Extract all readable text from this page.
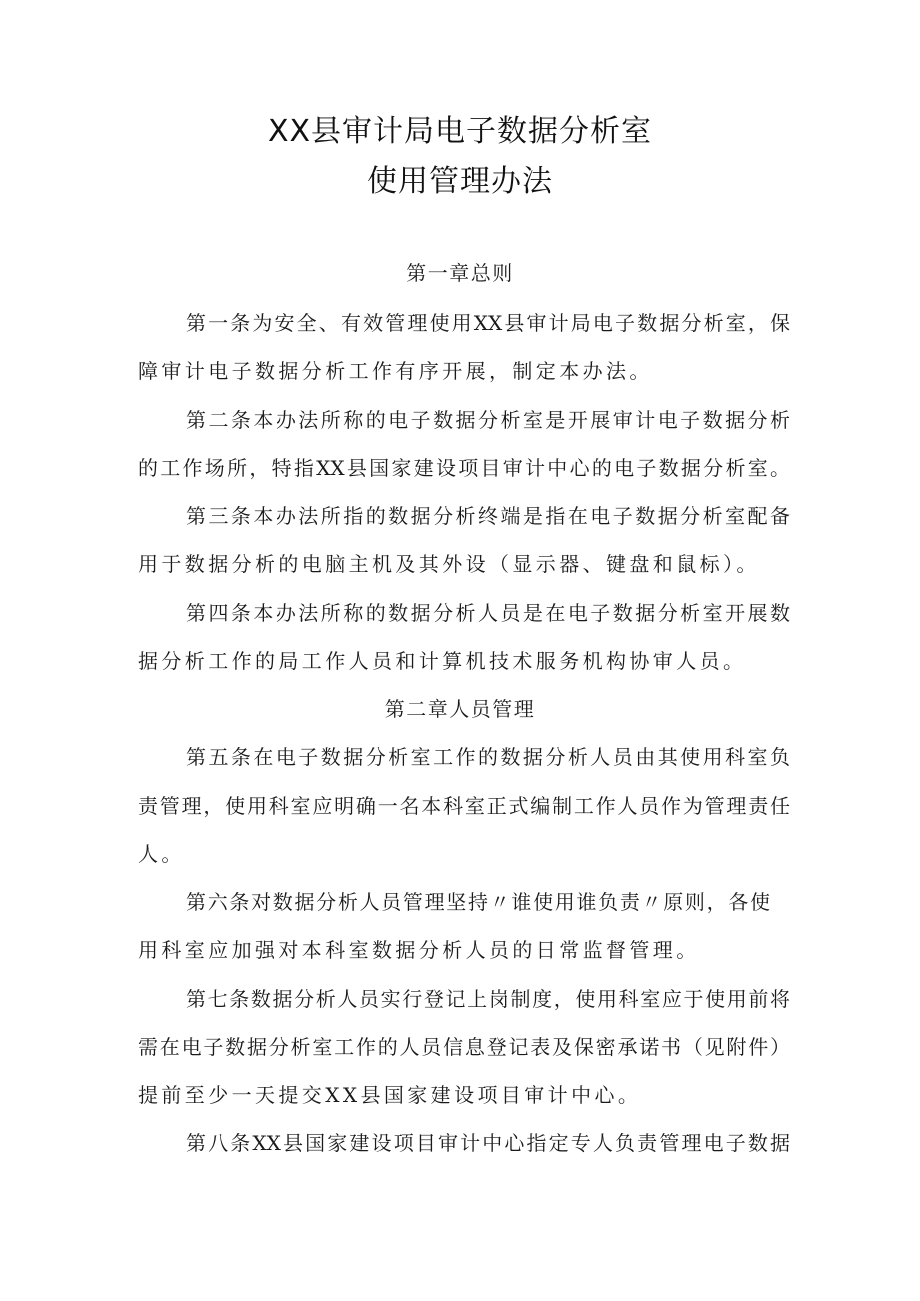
XX县审计局电子数据分析室
使用管理办法
第一章总则
第一条为安全、有效管理使用XX县审计局电子数据分析室，保
障审计电子数据分析工作有序开展，制定本办法。
第二条本办法所称的电子数据分析室是开展审计电子数据分析
的工作场所，特指XX县国家建设项目审计中心的电子数据分析室。
第三条本办法所指的数据分析终端是指在电子数据分析室配备
用于数据分析的电脑主机及其外设（显示器、键盘和鼠标）。
第四条本办法所称的数据分析人员是在电子数据分析室开展数
据分析工作的局工作人员和计算机技术服务机构协审人员。
第二章人员管理
第五条在电子数据分析室工作的数据分析人员由其使用科室负
责管理，使用科室应明确一名本科室正式编制工作人员作为管理责任
人。
第六条对数据分析人员管理坚持〃谁使用谁负责〃原则，各使
用科室应加强对本科室数据分析人员的日常监督管理。
第七条数据分析人员实行登记上岗制度，使用科室应于使用前将
需在电子数据分析室工作的人员信息登记表及保密承诺书（见附件）
提前至少一天提交XX县国家建设项目审计中心。
第八条XX县国家建设项目审计中心指定专人负责管理电子数据
